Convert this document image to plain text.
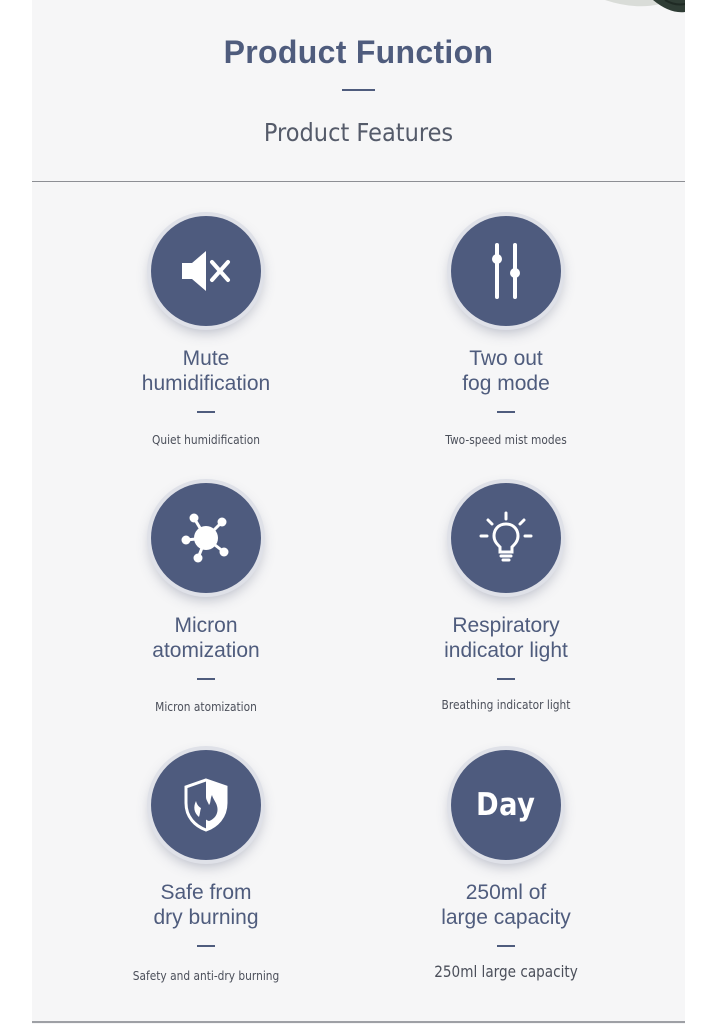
Product Function
Product Features
Mute
humidification
Quiet humidification
Two out
fog mode
Two-speed mist modes
Micron
atomization
Micron atomization
Respiratory
indicator light
Breathing indicator light
Safe from
dry burning
Safety and anti-dry burning
Day
250ml of
large capacity
250ml large capacity
